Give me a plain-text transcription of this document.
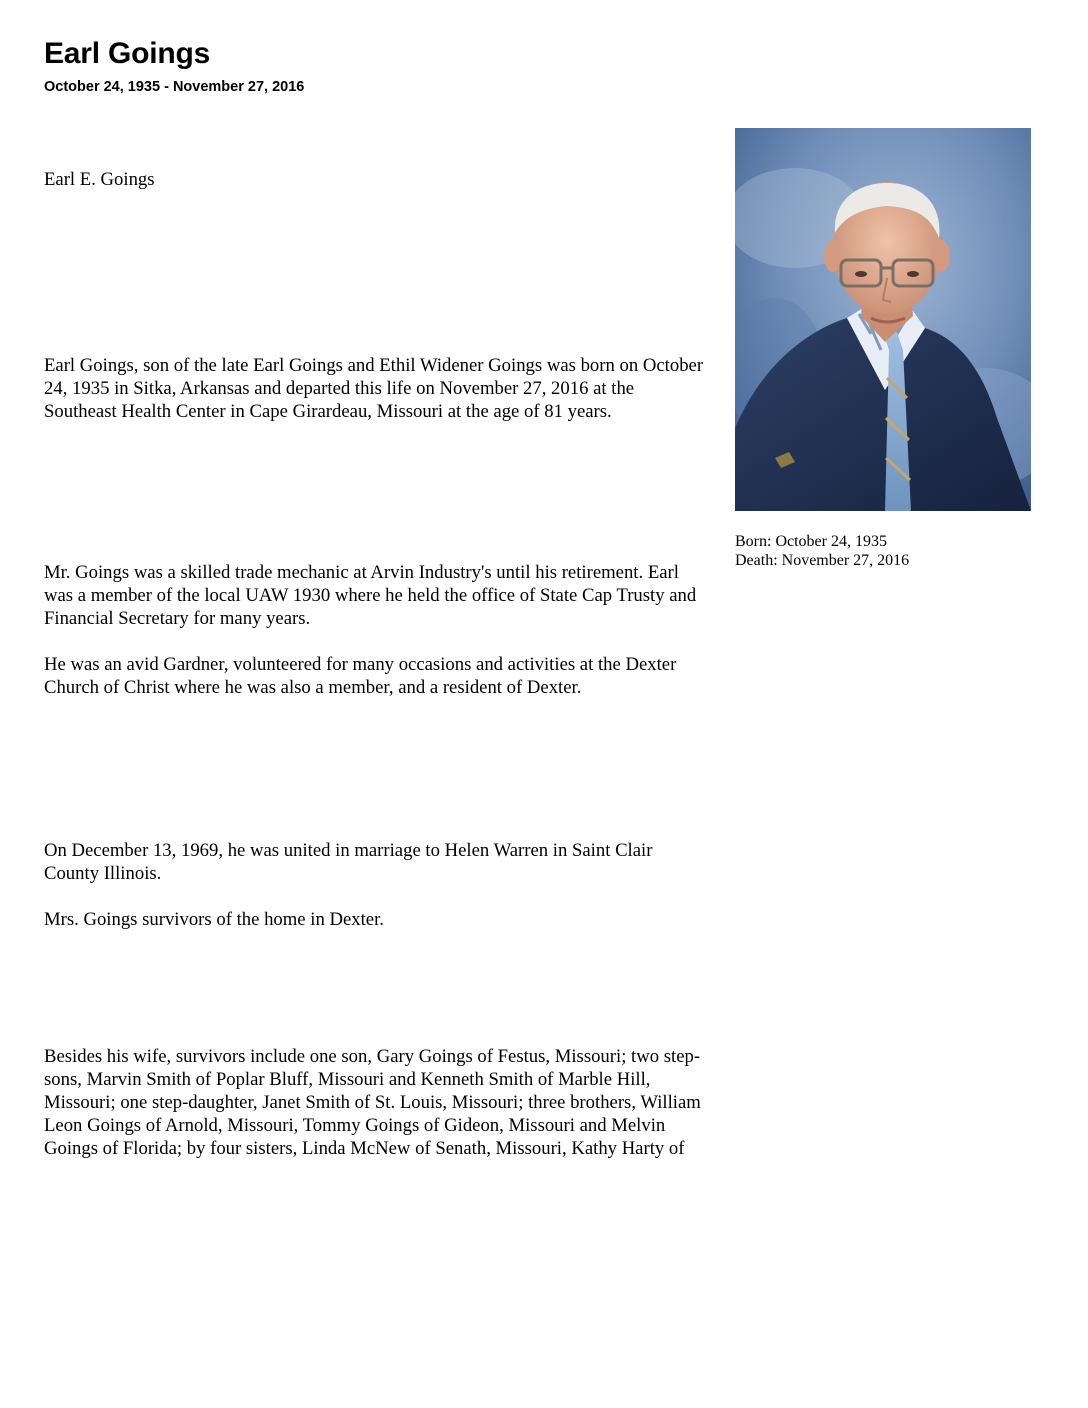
Earl Goings
October 24, 1935 - November 27, 2016

Earl E. Goings

Earl Goings, son of the late Earl Goings and Ethil Widener Goings was born on October 24, 1935 in Sitka, Arkansas and departed this life on November 27, 2016 at the Southeast Health Center in Cape Girardeau, Missouri at the age of 81 years.

Mr. Goings was a skilled trade mechanic at Arvin Industry's until his retirement. Earl was a member of the local UAW 1930 where he held the office of State Cap Trusty and Financial Secretary for many years.

He was an avid Gardner, volunteered for many occasions and activities at the Dexter Church of Christ where he was also a member, and a resident of Dexter.

On December 13, 1969, he was united in marriage to Helen Warren in Saint Clair County Illinois.

Mrs. Goings survivors of the home in Dexter.

Besides his wife, survivors include one son, Gary Goings of Festus, Missouri; two step-sons, Marvin Smith of Poplar Bluff, Missouri and Kenneth Smith of Marble Hill, Missouri; one step-daughter, Janet Smith of St. Louis, Missouri; three brothers, William Leon Goings of Arnold, Missouri, Tommy Goings of Gideon, Missouri and Melvin Goings of Florida; by four sisters, Linda McNew of Senath, Missouri, Kathy Harty of

Born: October 24, 1935
Death: November 27, 2016
